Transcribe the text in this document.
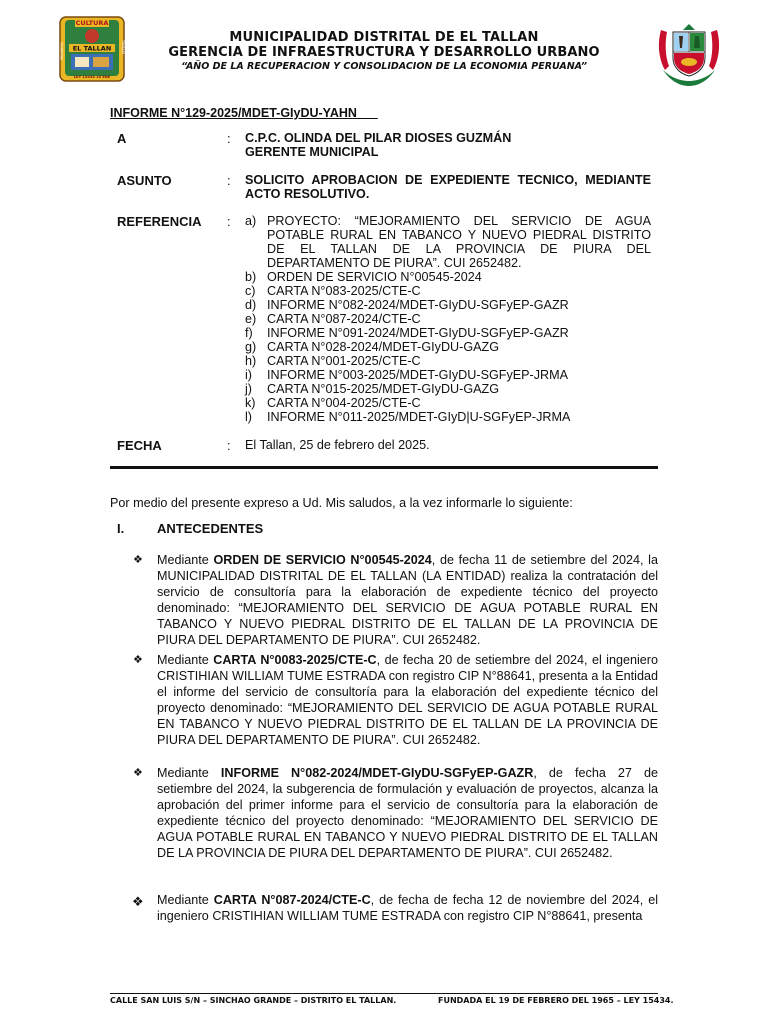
CULTURA
EL TALLAN
PROGRESO	TRABAJO
LEY 15434 10 ENE
MUNICIPALIDAD DISTRITAL DE EL TALLAN
GERENCIA DE INFRAESTRUCTURA Y DESARROLLO URBANO
“AÑO DE LA RECUPERACION Y CONSOLIDACION DE LA ECONOMIA PERUANA”
INFORME N°129-2025/MDET-GIyDU-YAHN
A	: C.P.C. OLINDA DEL PILAR DIOSES GUZMÁN
GERENTE MUNICIPAL
ASUNTO	: SOLICITO APROBACION DE EXPEDIENTE TECNICO, MEDIANTE ACTO RESOLUTIVO.
REFERENCIA : a) PROYECTO: “MEJORAMIENTO DEL SERVICIO DE AGUA POTABLE RURAL EN TABANCO Y NUEVO PIEDRAL DISTRITO DE EL TALLAN DE LA PROVINCIA DE PIURA DEL DEPARTAMENTO DE PIURA”. CUI 2652482.
b) ORDEN DE SERVICIO N°00545-2024
c) CARTA N°083-2025/CTE-C
d) INFORME N°082-2024/MDET-GIyDU-SGFyEP-GAZR
e) CARTA N°087-2024/CTE-C
f)	INFORME N°091-2024/MDET-GIyDU-SGFyEP-GAZR
g) CARTA N°028-2024/MDET-GIyDU-GAZG
h) CARTA N°001-2025/CTE-C
i)	INFORME N°003-2025/MDET-GIyDU-SGFyEP-JRMA
j)	CARTA N°015-2025/MDET-GIyDU-GAZG
k) CARTA N°004-2025/CTE-C
l)	INFORME N°011-2025/MDET-GIyD|U-SGFyEP-JRMA
FECHA	: El Tallan, 25 de febrero del 2025.
Por medio del presente expreso a Ud. Mis saludos, a la vez informarle lo siguiente:
I.	ANTECEDENTES
❖ Mediante ORDEN DE SERVICIO N°00545-2024, de fecha 11 de setiembre del 2024, la MUNICIPALIDAD DISTRITAL DE EL TALLAN (LA ENTIDAD) realiza la contratación del servicio de consultoría para la elaboración de expediente técnico del proyecto denominado: “MEJORAMIENTO DEL SERVICIO DE AGUA POTABLE RURAL EN TABANCO Y NUEVO PIEDRAL DISTRITO DE EL TALLAN DE LA PROVINCIA DE PIURA DEL DEPARTAMENTO DE PIURA”. CUI 2652482.
❖ Mediante CARTA N°0083-2025/CTE-C, de fecha 20 de setiembre del 2024, el ingeniero CRISTIHIAN WILLIAM TUME ESTRADA con registro CIP N°88641, presenta a la Entidad el informe del servicio de consultoría para la elaboración del expediente técnico del proyecto denominado: “MEJORAMIENTO DEL SERVICIO DE AGUA POTABLE RURAL EN TABANCO Y NUEVO PIEDRAL DISTRITO DE EL TALLAN DE LA PROVINCIA DE PIURA DEL DEPARTAMENTO DE PIURA”. CUI 2652482.
❖ Mediante INFORME N°082-2024/MDET-GIyDU-SGFyEP-GAZR, de fecha 27 de setiembre del 2024, la subgerencia de formulación y evaluación de proyectos, alcanza la aprobación del primer informe para el servicio de consultoría para la elaboración de expediente técnico del proyecto denominado: “MEJORAMIENTO DEL SERVICIO DE AGUA POTABLE RURAL EN TABANCO Y NUEVO PIEDRAL DISTRITO DE EL TALLAN DE LA PROVINCIA DE PIURA DEL DEPARTAMENTO DE PIURA”. CUI 2652482.
❖ Mediante CARTA N°087-2024/CTE-C, de fecha de fecha 12 de noviembre del 2024, el ingeniero CRISTIHIAN WILLIAM TUME ESTRADA con registro CIP N°88641, presenta
CALLE SAN LUIS S/N – SINCHAO GRANDE – DISTRITO EL TALLAN.	FUNDADA EL 19 DE FEBRERO DEL 1965 – LEY 15434.
